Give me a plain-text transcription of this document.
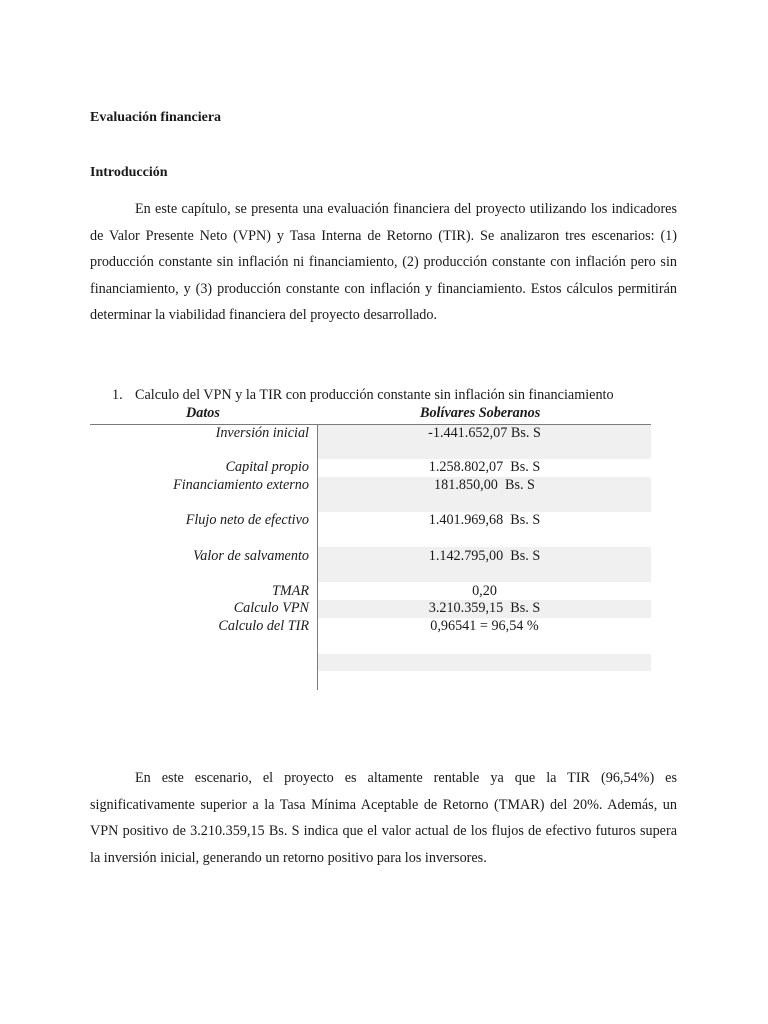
Evaluación financiera
Introducción
En este capítulo, se presenta una evaluación financiera del proyecto utilizando los indicadores de Valor Presente Neto (VPN) y Tasa Interna de Retorno (TIR). Se analizaron tres escenarios: (1) producción constante sin inflación ni financiamiento, (2) producción constante con inflación pero sin financiamiento, y (3) producción constante con inflación y financiamiento. Estos cálculos permitirán determinar la viabilidad financiera del proyecto desarrollado.
1. Calculo del VPN y la TIR con producción constante sin inflación sin financiamiento
Datos	Bolívares Soberanos
Inversión inicial	-1.441.652,07 Bs. S
Capital propio	1.258.802,07  Bs. S
Financiamiento externo	181.850,00  Bs. S
Flujo neto de efectivo	1.401.969,68  Bs. S
Valor de salvamento	1.142.795,00  Bs. S
TMAR	0,20
Calculo VPN	3.210.359,15  Bs. S
Calculo del TIR	0,96541 = 96,54 %
En este escenario, el proyecto es altamente rentable ya que la TIR (96,54%) es significativamente superior a la Tasa Mínima Aceptable de Retorno (TMAR) del 20%. Además, un VPN positivo de 3.210.359,15 Bs. S indica que el valor actual de los flujos de efectivo futuros supera la inversión inicial, generando un retorno positivo para los inversores.
